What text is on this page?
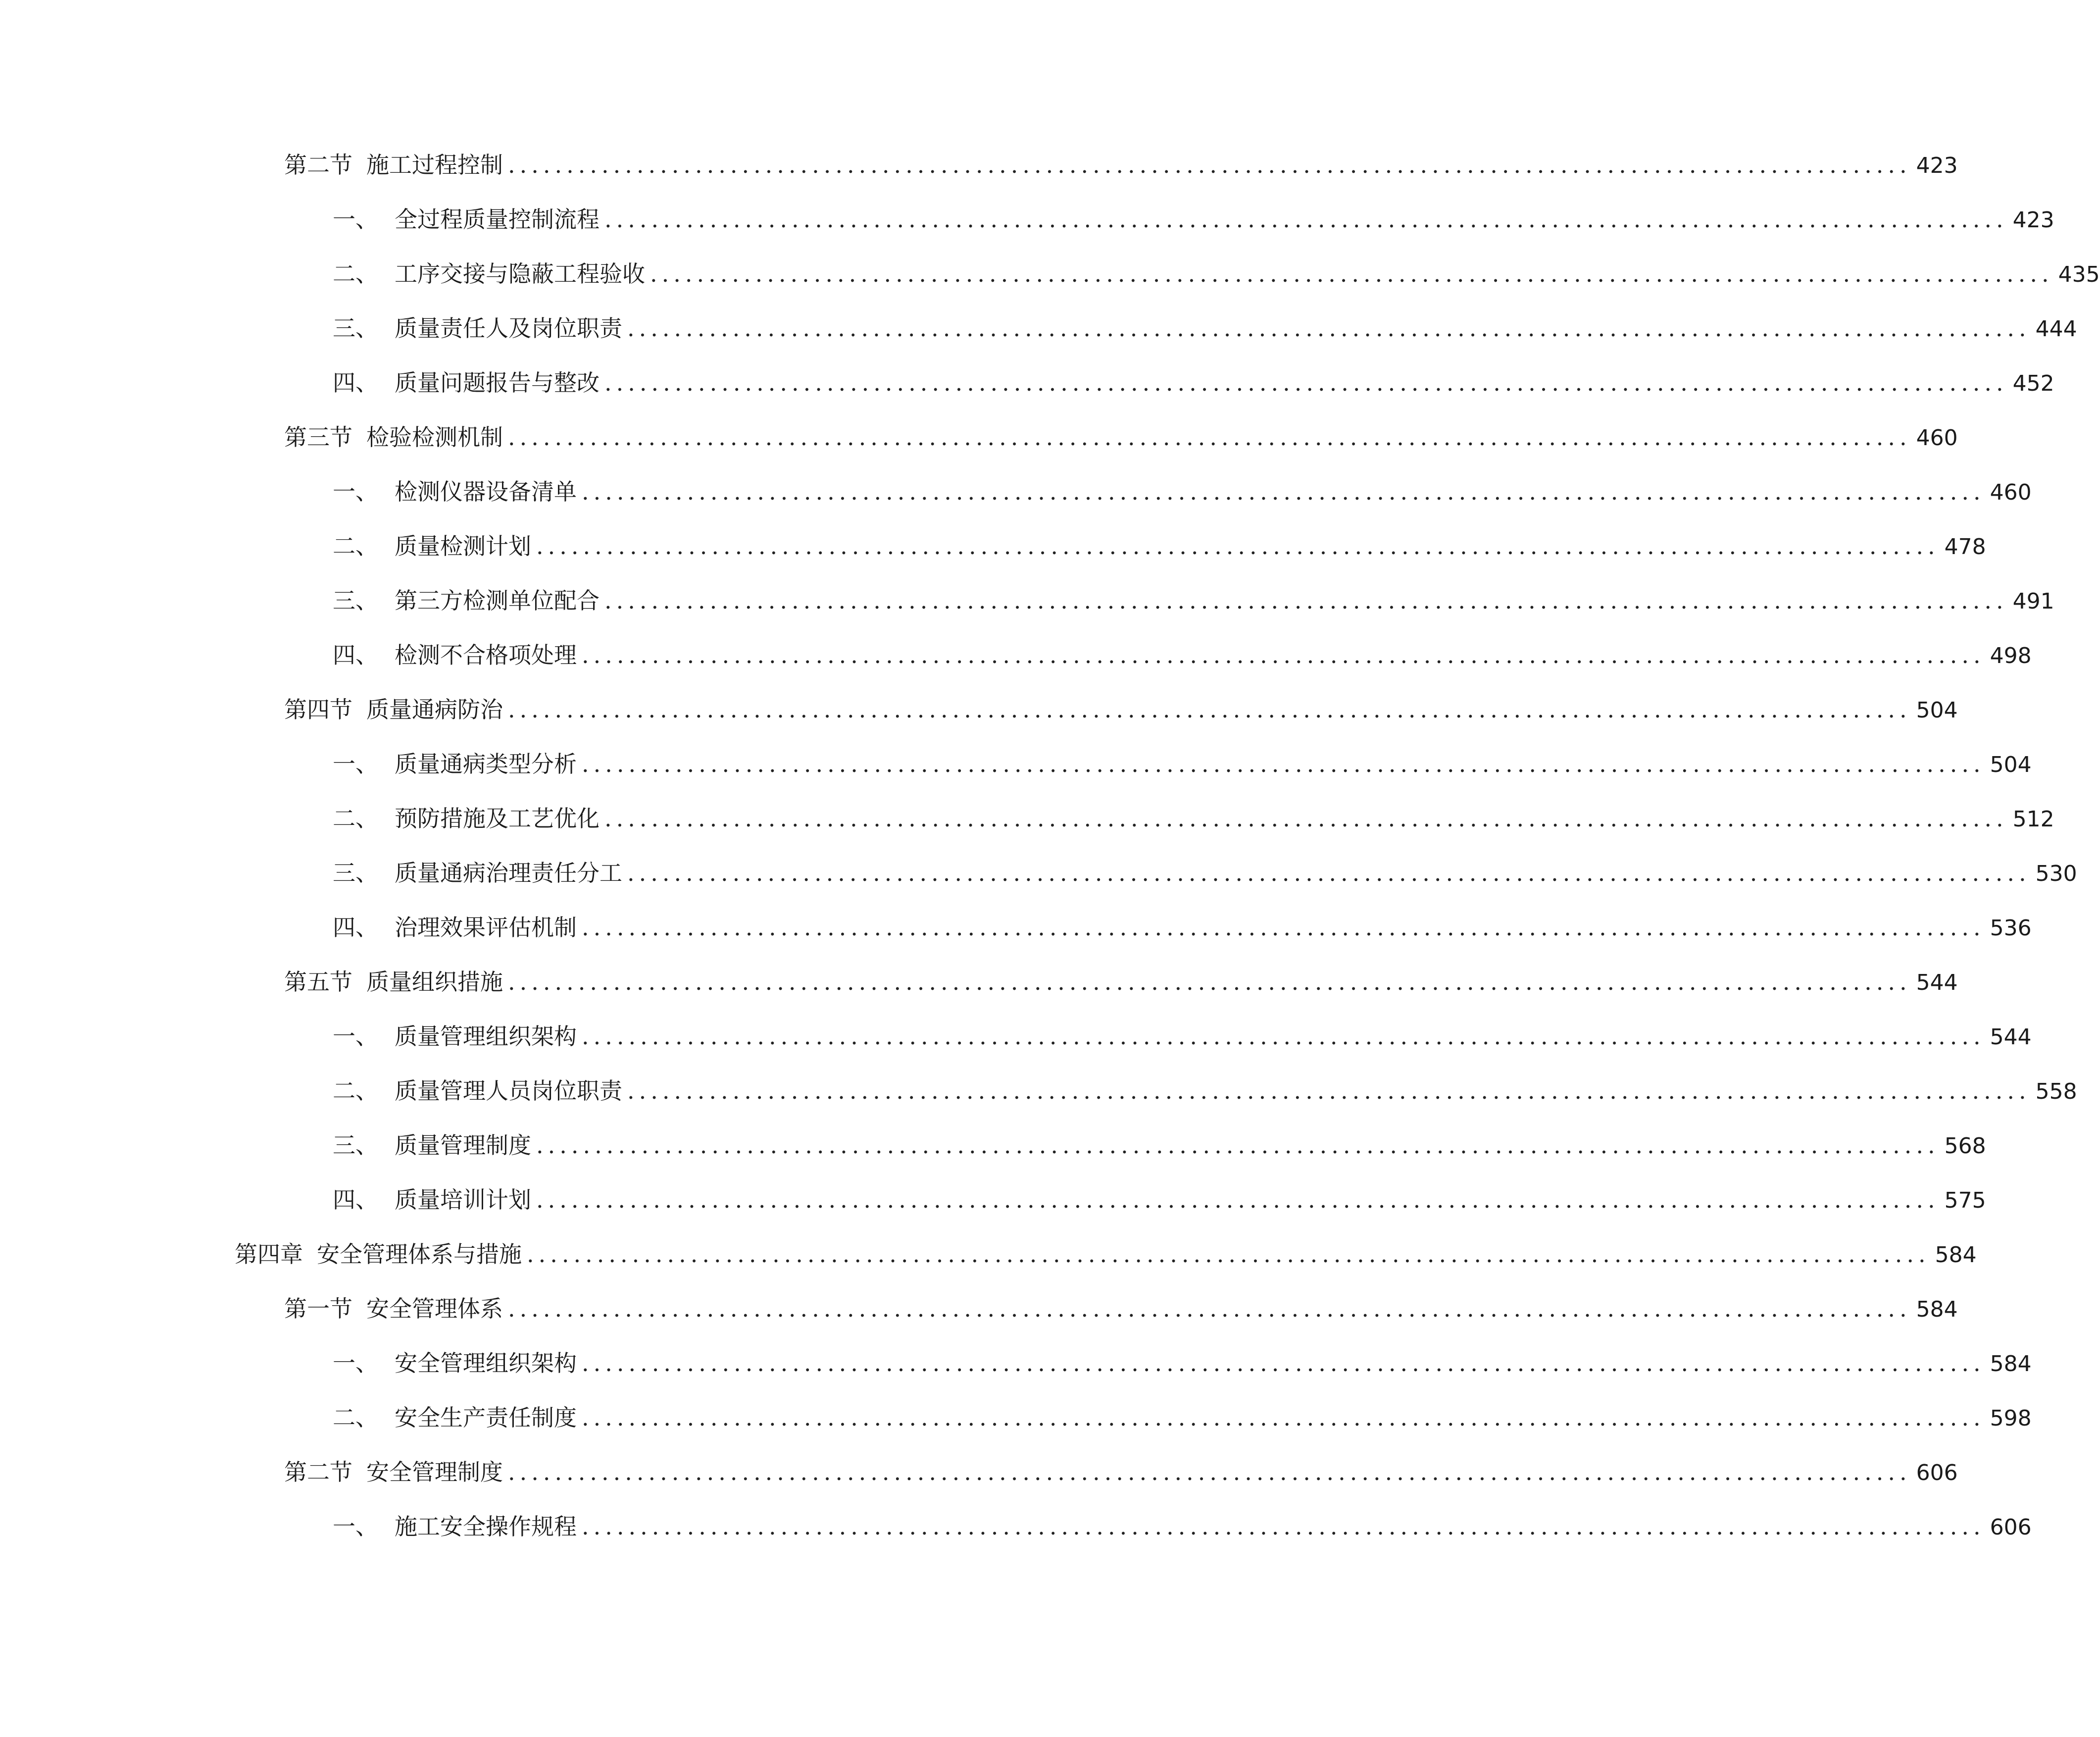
第二节 施工过程控制 ........................................................................................................................ 423
一、 全过程质量控制流程 ........................................................................................................................ 423
二、 工序交接与隐蔽工程验收 ........................................................................................................................ 435
三、 质量责任人及岗位职责 ........................................................................................................................ 444
四、 质量问题报告与整改 ........................................................................................................................ 452
第三节 检验检测机制 ........................................................................................................................ 460
一、 检测仪器设备清单 ........................................................................................................................ 460
二、 质量检测计划 ........................................................................................................................ 478
三、 第三方检测单位配合 ........................................................................................................................ 491
四、 检测不合格项处理 ........................................................................................................................ 498
第四节 质量通病防治 ........................................................................................................................ 504
一、 质量通病类型分析 ........................................................................................................................ 504
二、 预防措施及工艺优化 ........................................................................................................................ 512
三、 质量通病治理责任分工 ........................................................................................................................ 530
四、 治理效果评估机制 ........................................................................................................................ 536
第五节 质量组织措施 ........................................................................................................................ 544
一、 质量管理组织架构 ........................................................................................................................ 544
二、 质量管理人员岗位职责 ........................................................................................................................ 558
三、 质量管理制度 ........................................................................................................................ 568
四、 质量培训计划 ........................................................................................................................ 575
第四章 安全管理体系与措施 ........................................................................................................................ 584
第一节 安全管理体系 ........................................................................................................................ 584
一、 安全管理组织架构 ........................................................................................................................ 584
二、 安全生产责任制度 ........................................................................................................................ 598
第二节 安全管理制度 ........................................................................................................................ 606
一、 施工安全操作规程 ........................................................................................................................ 606
